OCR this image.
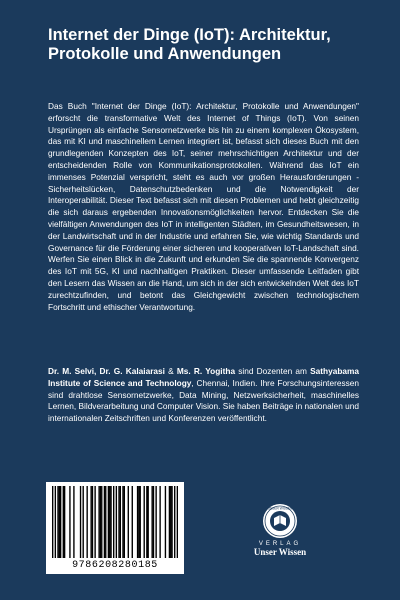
Internet der Dinge (IoT): Architektur, Protokolle und Anwendungen

Das Buch "Internet der Dinge (IoT): Architektur, Protokolle und Anwendungen" erforscht die transformative Welt des Internet of Things (IoT). Von seinen Ursprüngen als einfache Sensornetzwerke bis hin zu einem komplexen Ökosystem, das mit KI und maschinellem Lernen integriert ist, befasst sich dieses Buch mit den grundlegenden Konzepten des IoT, seiner mehrschichtigen Architektur und der entscheidenden Rolle von Kommunikationsprotokollen. Während das IoT ein immenses Potenzial verspricht, steht es auch vor großen Herausforderungen - Sicherheitslücken, Datenschutzbedenken und die Notwendigkeit der Interoperabilität. Dieser Text befasst sich mit diesen Problemen und hebt gleichzeitig die sich daraus ergebenden Innovationsmöglichkeiten hervor. Entdecken Sie die vielfältigen Anwendungen des IoT in intelligenten Städten, im Gesundheitswesen, in der Landwirtschaft und in der Industrie und erfahren Sie, wie wichtig Standards und Governance für die Förderung einer sicheren und kooperativen IoT-Landschaft sind. Werfen Sie einen Blick in die Zukunft und erkunden Sie die spannende Konvergenz des IoT mit 5G, KI und nachhaltigen Praktiken. Dieser umfassende Leitfaden gibt den Lesern das Wissen an die Hand, um sich in der sich entwickelnden Welt des IoT zurechtzufinden, und betont das Gleichgewicht zwischen technologischem Fortschritt und ethischer Verantwortung.

Dr. M. Selvi, Dr. G. Kalaiarasi & Ms. R. Yogitha sind Dozenten am Sathyabama Institute of Science and Technology, Chennai, Indien. Ihre Forschungsinteressen sind drahtlose Sensornetzwerke, Data Mining, Netzwerksicherheit, maschinelles Lernen, Bildverarbeitung und Computer Vision. Sie haben Beiträge in nationalen und internationalen Zeitschriften und Konferenzen veröffentlicht.

9786208280185
UNSER WISSEN
VERLAG
Unser Wissen
